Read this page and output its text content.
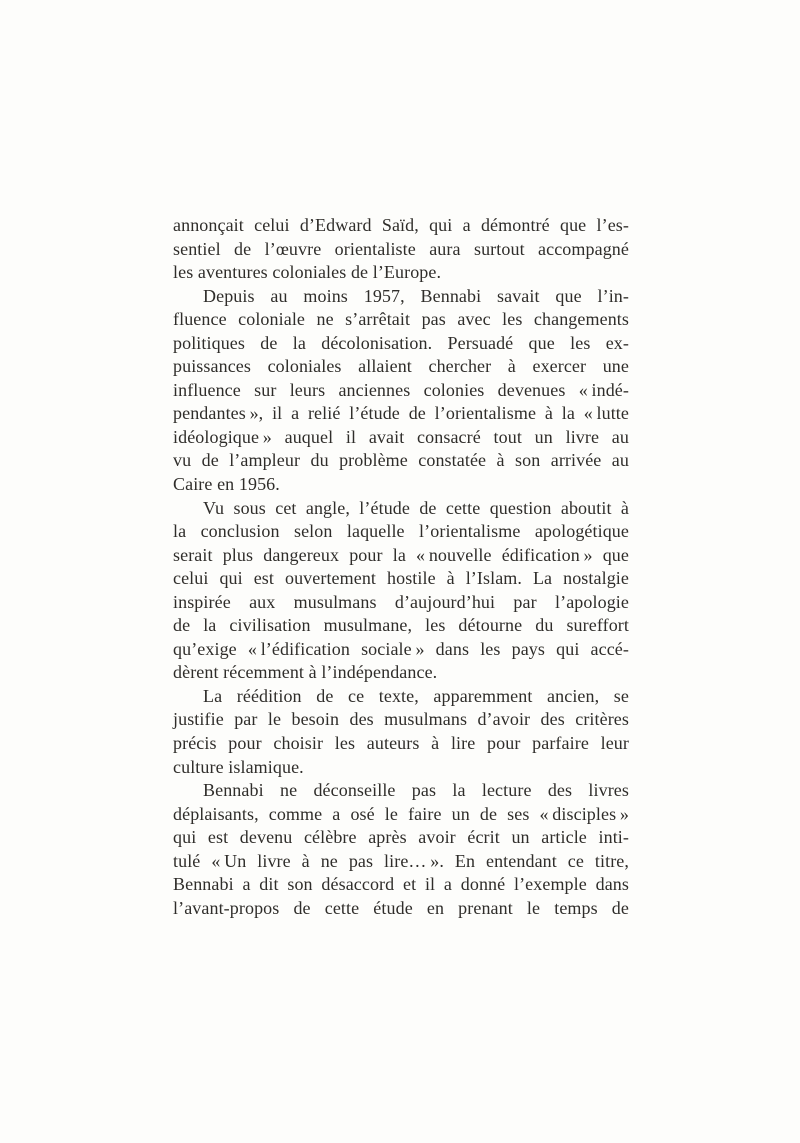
annonçait celui d’Edward Saïd, qui a démontré que l’es-
sentiel de l’œuvre orientaliste aura surtout accompagné
les aventures coloniales de l’Europe.
Depuis au moins 1957, Bennabi savait que l’in-
fluence coloniale ne s’arrêtait pas avec les changements
politiques de la décolonisation. Persuadé que les ex-
puissances coloniales allaient chercher à exercer une
influence sur leurs anciennes colonies devenues « indé-
pendantes », il a relié l’étude de l’orientalisme à la « lutte
idéologique » auquel il avait consacré tout un livre au
vu de l’ampleur du problème constatée à son arrivée au
Caire en 1956.
Vu sous cet angle, l’étude de cette question aboutit à
la conclusion selon laquelle l’orientalisme apologétique
serait plus dangereux pour la « nouvelle édification » que
celui qui est ouvertement hostile à l’Islam. La nostalgie
inspirée aux musulmans d’aujourd’hui par l’apologie
de la civilisation musulmane, les détourne du sureffort
qu’exige « l’édification sociale » dans les pays qui accé-
dèrent récemment à l’indépendance.
La réédition de ce texte, apparemment ancien, se
justifie par le besoin des musulmans d’avoir des critères
précis pour choisir les auteurs à lire pour parfaire leur
culture islamique.
Bennabi ne déconseille pas la lecture des livres
déplaisants, comme a osé le faire un de ses « disciples »
qui est devenu célèbre après avoir écrit un article inti-
tulé « Un livre à ne pas lire… ». En entendant ce titre,
Bennabi a dit son désaccord et il a donné l’exemple dans
l’avant-propos de cette étude en prenant le temps de
